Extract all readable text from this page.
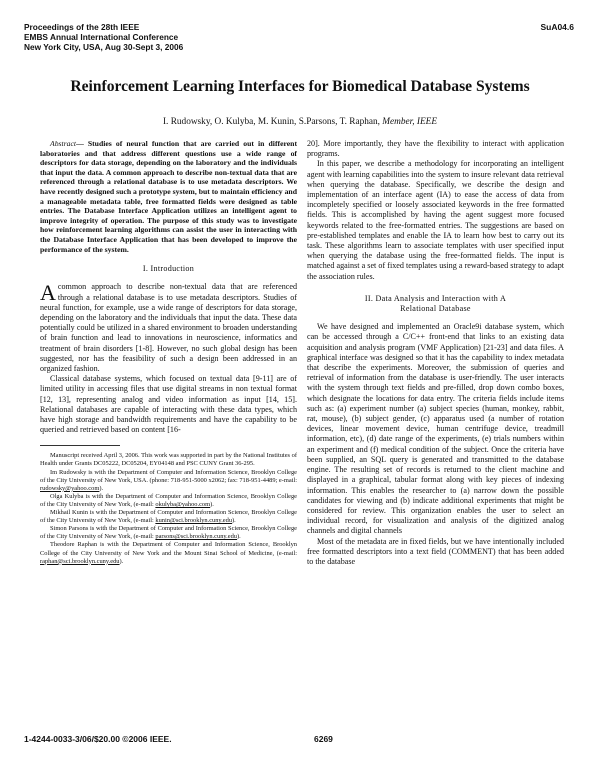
Proceedings of the 28th IEEE
EMBS Annual International Conference
New York City, USA, Aug 30-Sept 3, 2006
SuA04.6
Reinforcement Learning Interfaces for Biomedical Database Systems
I. Rudowsky, O. Kulyba, M. Kunin, S.Parsons, T. Raphan, Member, IEEE

Abstract— Studies of neural function that are carried out in different laboratories and that address different questions use a wide range of descriptors for data storage, depending on the laboratory and the individuals that input the data. A common approach to describe non-textual data that are referenced through a relational database is to use metadata descriptors. We have recently designed such a prototype system, but to maintain efficiency and a manageable metadata table, free formatted fields were designed as table entries. The Database Interface Application utilizes an intelligent agent to improve integrity of operation. The purpose of this study was to investigate how reinforcement learning algorithms can assist the user in interacting with the Database Interface Application that has been developed to improve the performance of the system.

I. Introduction

Acommon approach to describe non-textual data that are referenced through a relational database is to use metadata descriptors. Studies of neural function, for example, use a wide range of descriptors for data storage, depending on the laboratory and the individuals that input the data. These data potentially could be utilized in a shared environment to broaden understanding of brain function and lead to innovations in neuroscience, informatics and treatment of brain disorders [1-8]. However, no such global design has been suggested, nor has the feasibility of such a design been addressed in an organized fashion.

Classical database systems, which focused on textual data [9-11] are of limited utility in accessing files that use digital streams in non textual format [12, 13], representing analog and video information as input [14, 15]. Relational databases are capable of interacting with these data types, which have high storage and bandwidth requirements and have the capability to be queried and retrieved based on content [16-

Manuscript received April 3, 2006. This work was supported in part by the National Institutes of Health under Grants DC05222, DC05204, EY04148 and PSC CUNY Grant 36-295.

Im Rudowsky is with the Department of Computer and Information Science, Brooklyn College of the City University of New York, USA. (phone: 718-951-5000 x2062; fax: 718-951-4489; e-mail: rudowsky@yahoo.com).

Olga Kulyba is with the Department of Computer and Information Science, Brooklyn College of the City University of New York, (e-mail: okulyba@yahoo.com).

Mikhail Kunin is with the Department of Computer and Information Science, Brooklyn College of the City University of New York, (e-mail: kunin@sci.brooklyn.cuny.edu).

Simon Parsons is with the Department of Computer and Information Science, Brooklyn College of the City University of New York, (e-mail: parsons@sci.brooklyn.cuny.edu).

Theodore Raphan is with the Department of Computer and Information Science, Brooklyn College of the City University of New York and the Mount Sinai School of Medicine, (e-mail: raphan@sci.brooklyn.cuny.edu).

20]. More importantly, they have the flexibility to interact with application programs.

In this paper, we describe a methodology for incorporating an intelligent agent with learning capabilities into the system to insure relevant data retrieval when querying the database. Specifically, we describe the design and implementation of an interface agent (IA) to ease the access of data from incompletely specified or loosely associated keywords in the free formatted fields. This is accomplished by having the agent suggest more focused keywords related to the free-formatted entries. The suggestions are based on pre-established templates and enable the IA to learn how best to carry out its task. These algorithms learn to associate templates with user specified input when querying the database using the free-formatted fields. The input is matched against a set of fixed templates using a reward-based strategy to adapt the association rules.

II. Data Analysis and Interaction with A
Relational Database

We have designed and implemented an Oracle9i database system, which can be accessed through a C/C++ front-end that links to an existing data acquisition and analysis program (VMF Application) [21-23] and data files. A graphical interface was designed so that it has the capability to index metadata that describe the experiments. Moreover, the submission of queries and retrieval of information from the database is user-friendly. The user interacts with the system through text fields and pre-filled, drop down combo boxes, which designate the locations for data entry. The criteria fields include items such as: (a) experiment number (a) subject species (human, monkey, rabbit, rat, mouse), (b) subject gender, (c) apparatus used (a number of rotation devices, linear movement device, human centrifuge device, treadmill information, etc), (d) date range of the experiments, (e) trials numbers within an experiment and (f) medical condition of the subject. Once the criteria have been supplied, an SQL query is generated and transmitted to the database engine. The resulting set of records is returned to the client machine and displayed in a graphical, tabular format along with key pieces of indexing information. This enables the researcher to (a) narrow down the possible candidates for viewing and (b) indicate additional experiments that might be considered for review. This organization enables the user to select an individual record, for visualization and analysis of the digitized analog channels and digital channels

Most of the metadata are in fixed fields, but we have intentionally included free formatted descriptors into a text field (COMMENT) that has been added to the database

1-4244-0033-3/06/$20.00 ©2006 IEEE.	6269
